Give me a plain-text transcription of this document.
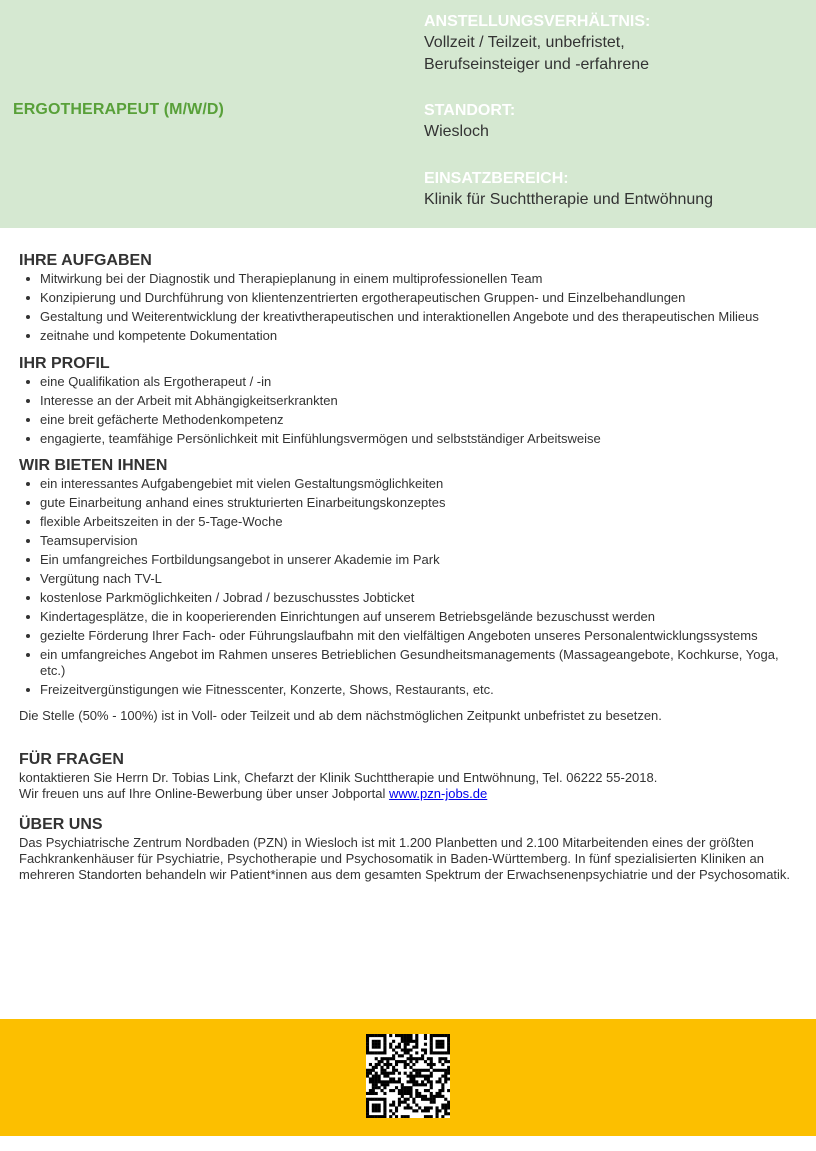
ERGOTHERAPEUT (M/W/D)
ANSTELLUNGSVERHÄLTNIS:
Vollzeit / Teilzeit, unbefristet,
Berufseinsteiger und -erfahrene
STANDORT:
Wiesloch
EINSATZBEREICH:
Klinik für Suchttherapie und Entwöhnung
IHRE AUFGABEN
Mitwirkung bei der Diagnostik und Therapieplanung in einem multiprofessionellen Team
Konzipierung und Durchführung von klientenzentrierten ergotherapeutischen Gruppen- und Einzelbehandlungen
Gestaltung und Weiterentwicklung der kreativtherapeutischen und interaktionellen Angebote und des therapeutischen Milieus
zeitnahe und kompetente Dokumentation
IHR PROFIL
eine Qualifikation als Ergotherapeut / -in
Interesse an der Arbeit mit Abhängigkeitserkrankten
eine breit gefächerte Methodenkompetenz
engagierte, teamfähige Persönlichkeit mit Einfühlungsvermögen und selbstständiger Arbeitsweise
WIR BIETEN IHNEN
ein interessantes Aufgabengebiet mit vielen Gestaltungsmöglichkeiten
gute Einarbeitung anhand eines strukturierten Einarbeitungskonzeptes
flexible Arbeitszeiten in der 5-Tage-Woche
Teamsupervision
Ein umfangreiches Fortbildungsangebot in unserer Akademie im Park
Vergütung nach TV-L
kostenlose Parkmöglichkeiten / Jobrad / bezuschusstes Jobticket
Kindertagesplätze, die in kooperierenden Einrichtungen auf unserem Betriebsgelände bezuschusst werden
gezielte Förderung Ihrer Fach- oder Führungslaufbahn mit den vielfältigen Angeboten unseres Personalentwicklungssystems
ein umfangreiches Angebot im Rahmen unseres Betrieblichen Gesundheitsmanagements (Massageangebote, Kochkurse, Yoga, etc.)
Freizeitvergünstigungen wie Fitnesscenter, Konzerte, Shows, Restaurants, etc.

Die Stelle (50% - 100%) ist in Voll- oder Teilzeit und ab dem nächstmöglichen Zeitpunkt unbefristet zu besetzen.

FÜR FRAGEN

kontaktieren Sie Herrn Dr. Tobias Link, Chefarzt der Klinik Suchttherapie und Entwöhnung, Tel. 06222 55-2018.

Wir freuen uns auf Ihre Online-Bewerbung über unser Jobportal www.pzn-jobs.de

ÜBER UNS

Das Psychiatrische Zentrum Nordbaden (PZN) in Wiesloch ist mit 1.200 Planbetten und 2.100 Mitarbeitenden eines der größten Fachkrankenhäuser für Psychiatrie, Psychotherapie und Psychosomatik in Baden-Württemberg. In fünf spezialisierten Kliniken an mehreren Standorten behandeln wir Patient*innen aus dem gesamten Spektrum der Erwachsenenpsychiatrie und der Psychosomatik.
